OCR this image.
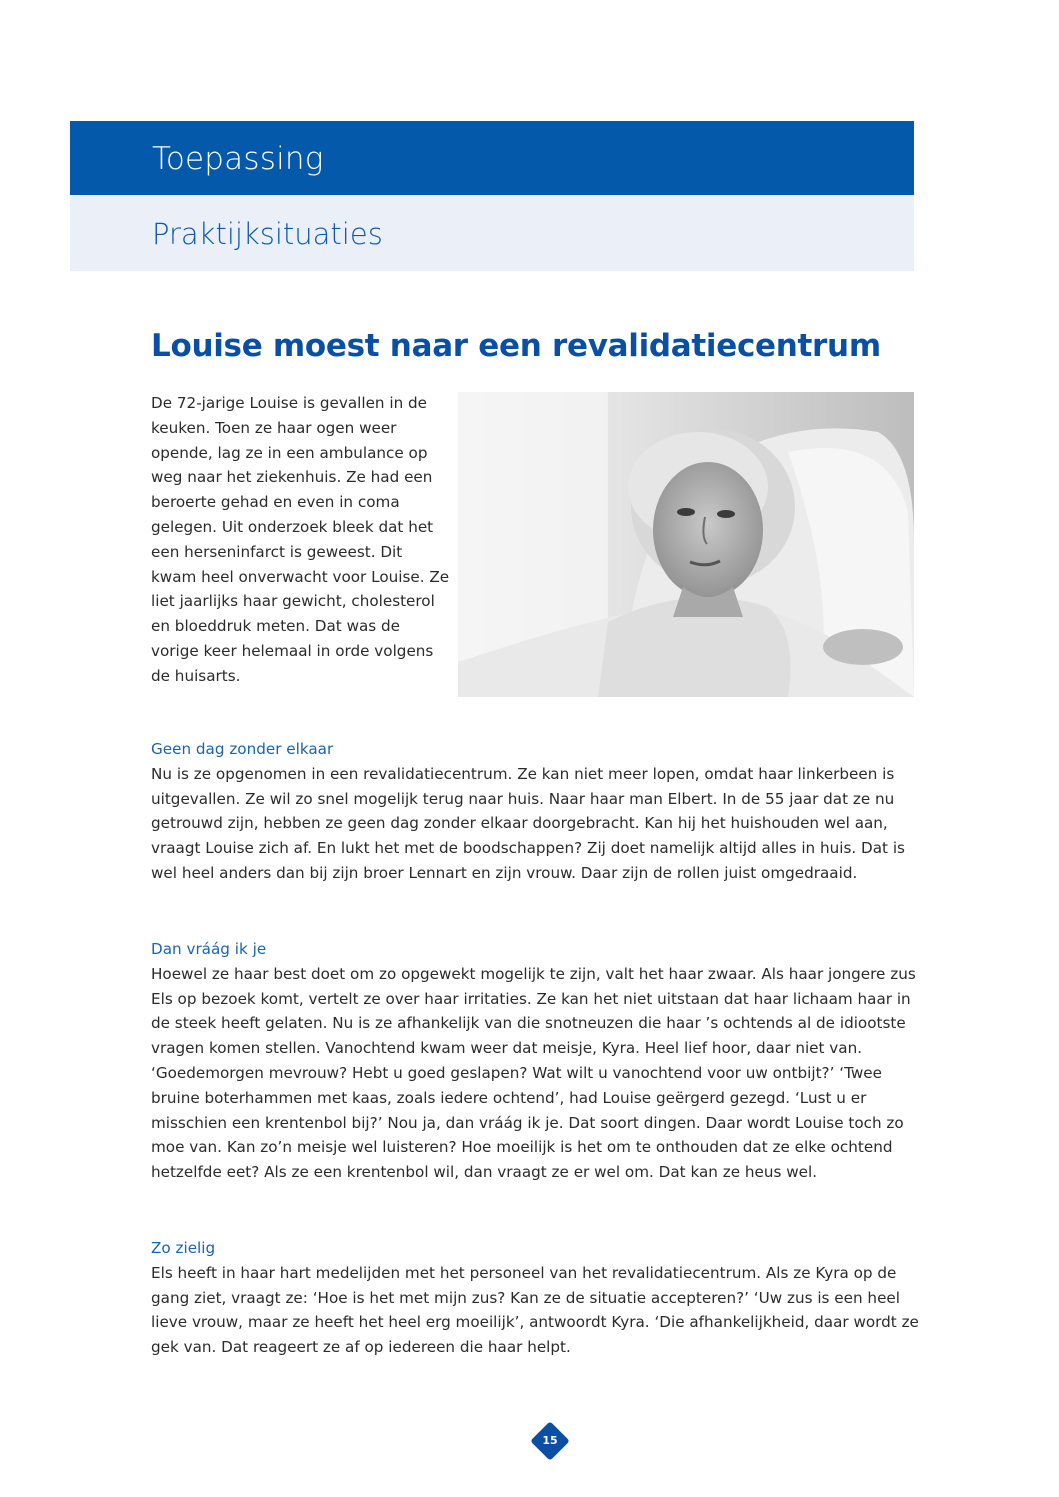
Toepassing
Praktijksituaties
Louise moest naar een revalidatiecentrum

De 72-jarige Louise is gevallen in de keuken. Toen ze haar ogen weer opende, lag ze in een ambulance op weg naar het ziekenhuis. Ze had een beroerte gehad en even in coma gelegen. Uit onderzoek bleek dat het een herseninfarct is geweest. Dit kwam heel onverwacht voor Louise. Ze liet jaarlijks haar gewicht, cholesterol en bloeddruk meten. Dat was de vorige keer helemaal in orde volgens de huisarts.

Geen dag zonder elkaar

Nu is ze opgenomen in een revalidatiecentrum. Ze kan niet meer lopen, omdat haar linkerbeen is uitgevallen. Ze wil zo snel mogelijk terug naar huis. Naar haar man Elbert. In de 55 jaar dat ze nu getrouwd zijn, hebben ze geen dag zonder elkaar doorgebracht. Kan hij het huishouden wel aan, vraagt Louise zich af. En lukt het met de boodschappen? Zij doet namelijk altijd alles in huis. Dat is wel heel anders dan bij zijn broer Lennart en zijn vrouw. Daar zijn de rollen juist omgedraaid.

Dan vráág ik je

Hoewel ze haar best doet om zo opgewekt mogelijk te zijn, valt het haar zwaar. Als haar jongere zus Els op bezoek komt, vertelt ze over haar irritaties. Ze kan het niet uitstaan dat haar lichaam haar in de steek heeft gelaten. Nu is ze afhankelijk van die snotneuzen die haar ’s ochtends al de idiootste vragen komen stellen. Vanochtend kwam weer dat meisje, Kyra. Heel lief hoor, daar niet van. ‘Goedemorgen mevrouw? Hebt u goed geslapen? Wat wilt u vanochtend voor uw ontbijt?’ ‘Twee bruine boterhammen met kaas, zoals iedere ochtend’, had Louise geërgerd gezegd. ‘Lust u er misschien een krentenbol bij?’ Nou ja, dan vráág ik je. Dat soort dingen. Daar wordt Louise toch zo moe van. Kan zo’n meisje wel luisteren? Hoe moeilijk is het om te onthouden dat ze elke ochtend hetzelfde eet? Als ze een krentenbol wil, dan vraagt ze er wel om. Dat kan ze heus wel.

Zo zielig

Els heeft in haar hart medelijden met het personeel van het revalidatiecentrum. Als ze Kyra op de gang ziet, vraagt ze: ‘Hoe is het met mijn zus? Kan ze de situatie accepteren?’ ‘Uw zus is een heel lieve vrouw, maar ze heeft het heel erg moeilijk’, antwoordt Kyra. ‘Die afhankelijkheid, daar wordt ze gek van. Dat reageert ze af op iedereen die haar helpt.

15
